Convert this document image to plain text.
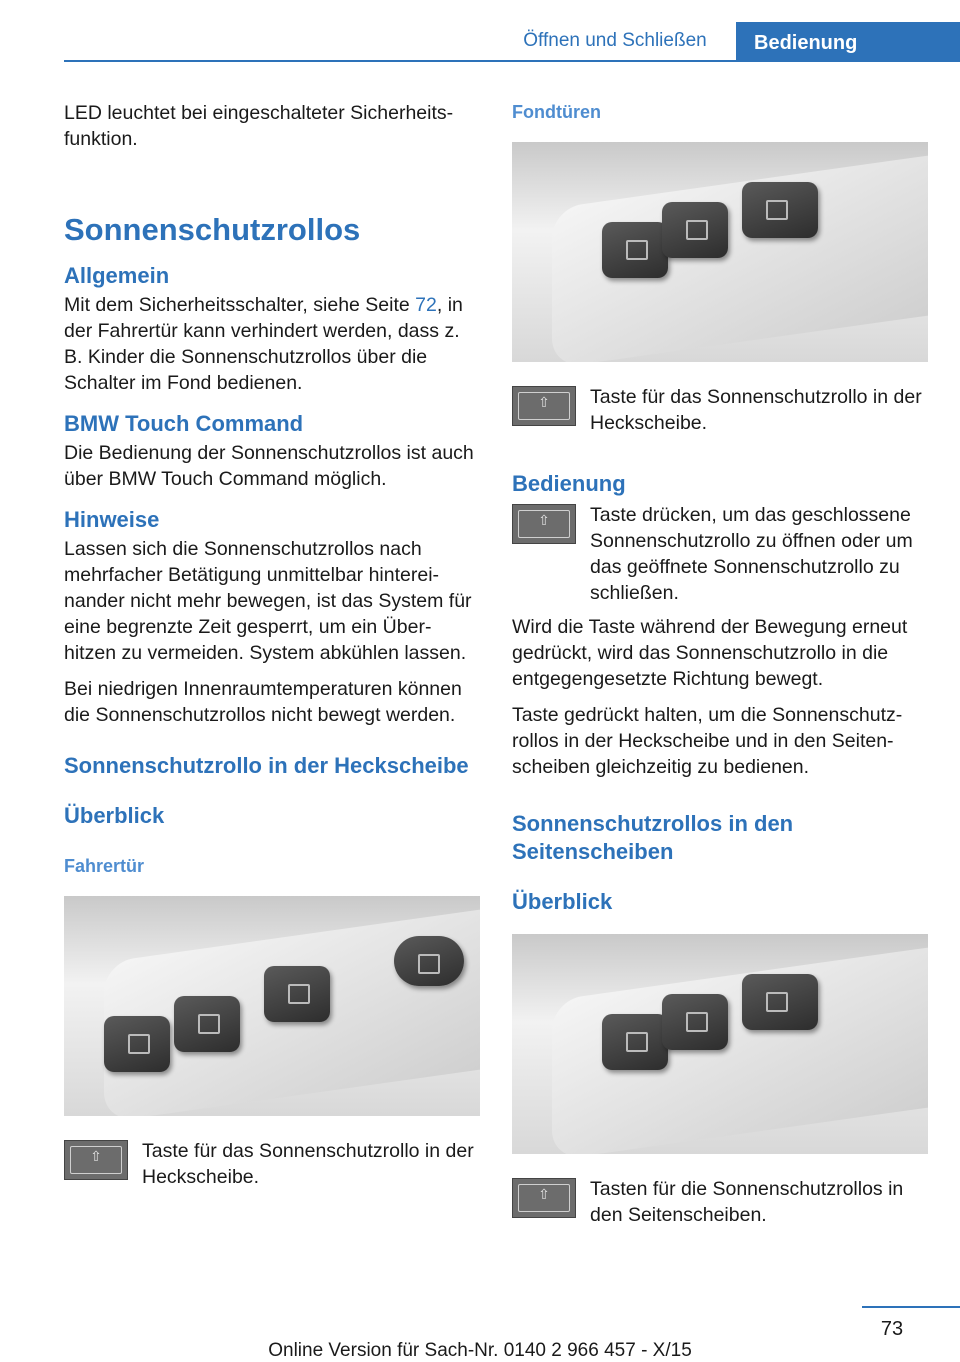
Öffnen und Schließen	Bedienung

LED leuchtet bei eingeschalteter Sicherheits-funktion.

Sonnenschutzrollos
Allgemein

Mit dem Sicherheitsschalter, siehe Seite 72, in der Fahrertür kann verhindert werden, dass z. B. Kinder die Sonnenschutzrollos über die Schalter im Fond bedienen.

BMW Touch Command

Die Bedienung der Sonnenschutzrollos ist auch über BMW Touch Command möglich.

Hinweise

Lassen sich die Sonnenschutzrollos nach mehrfacher Betätigung unmittelbar hinterei-nander nicht mehr bewegen, ist das System für eine begrenzte Zeit gesperrt, um ein Über-hitzen zu vermeiden. System abkühlen lassen.

Bei niedrigen Innenraumtemperaturen können die Sonnenschutzrollos nicht bewegt werden.

Sonnenschutzrollo in der Heckscheibe
Überblick
Fahrertür
⇧
Taste für das Sonnenschutzrollo in der Heckscheibe.
Fondtüren
⇧
Taste für das Sonnenschutzrollo in der Heckscheibe.
Bedienung
⇧
Taste drücken, um das geschlossene Sonnenschutzrollo zu öffnen oder um das geöffnete Sonnenschutzrollo zu schließen.

Wird die Taste während der Bewegung erneut gedrückt, wird das Sonnenschutzrollo in die entgegengesetzte Richtung bewegt.

Taste gedrückt halten, um die Sonnenschutz-rollos in der Heckscheibe und in den Seiten-scheiben gleichzeitig zu bedienen.

Sonnenschutzrollos in den Seitenscheiben
Überblick
⇧
Tasten für die Sonnenschutzrollos in den Seitenscheiben.
73
Online Version für Sach-Nr. 0140 2 966 457 - X/15
